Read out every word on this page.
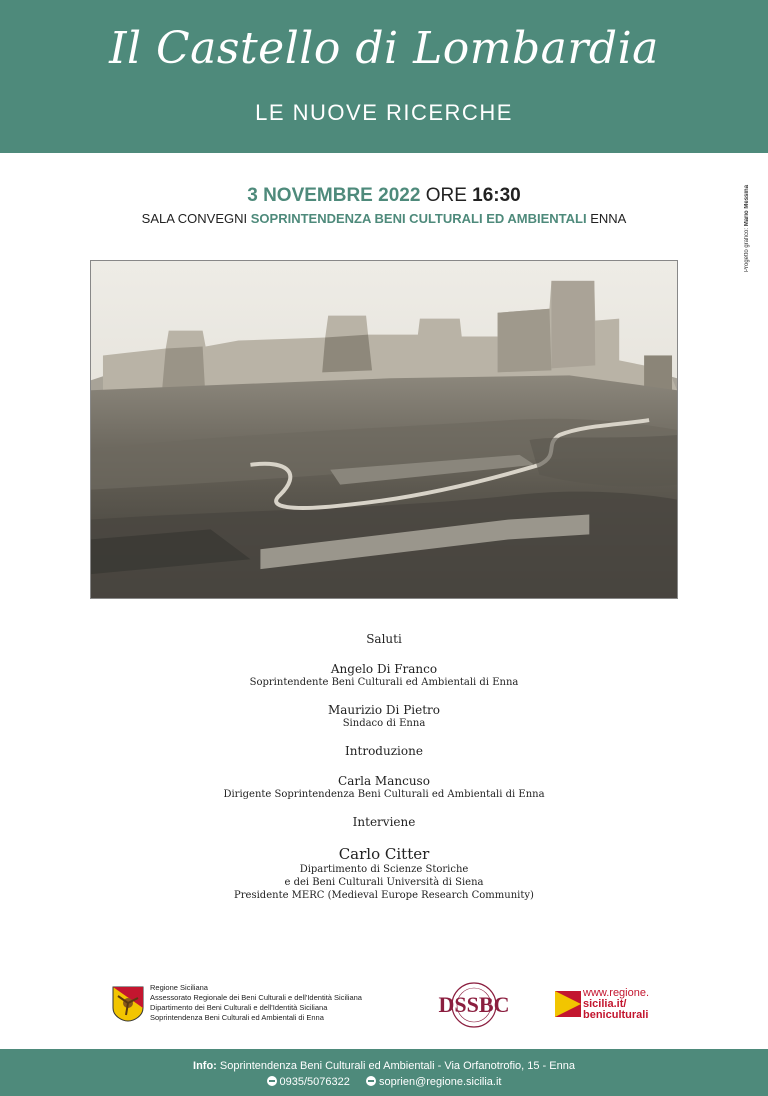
Il Castello di Lombardia
LE NUOVE RICERCHE
Progetto grafico: Mario Messina
3 NOVEMBRE 2022 ORE 16:30
SALA CONVEGNI SOPRINTENDENZA BENI CULTURALI ED AMBIENTALI ENNA
Saluti
Angelo Di Franco
Soprintendente Beni Culturali ed Ambientali di Enna
Maurizio Di Pietro
Sindaco di Enna
Introduzione
Carla Mancuso
Dirigente Soprintendenza Beni Culturali ed Ambientali di Enna
Interviene
Carlo Citter
Dipartimento di Scienze Storiche
e dei Beni Culturali Università di Siena
Presidente MERC (Medieval Europe Research Community)
Regione Siciliana
Assessorato Regionale dei Beni Culturali e dell'Identità Siciliana
Dipartimento dei Beni Culturali e dell'Identità Siciliana
Soprintendenza Beni Culturali ed Ambientali di Enna
DSSBC	www.regione.
sicilia.it/
beniculturali
Info: Soprintendenza Beni Culturali ed Ambientali - Via Orfanotrofio, 15 - Enna
0935/5076322	soprien@regione.sicilia.it
